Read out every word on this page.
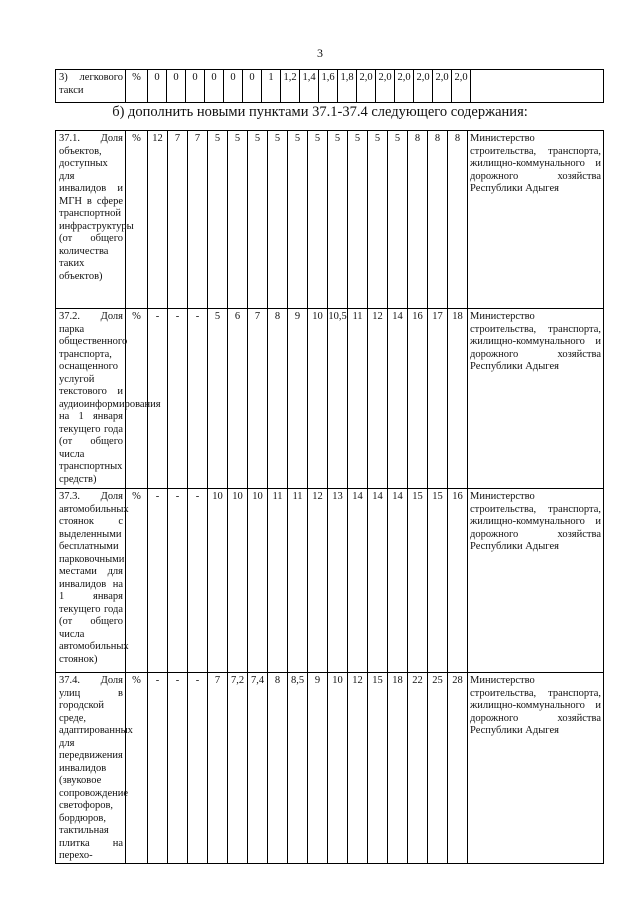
3
3) легкового такси	%	0	0	0	0	0	0	1	1,2	1,4	1,6	1,8	2,0	2,0	2,0	2,0	2,0	2,0	
б) дополнить новыми пунктами 37.1-37.4 следующего содержания:
37.1. Доля объектов, доступных для инвалидов и МГН в сфере транспортной инфраструктуры (от общего количества таких объектов)	%	12	7	7	5	5	5	5	5	5	5	5	5	5	8	8	8	Министерство строительства, транспорта, жилищно-коммунального и дорожного хозяйства Республики Адыгея
37.2. Доля парка общественного транспорта, оснащенного услугой текстового и аудиоинформирования на 1 января текущего года (от общего числа транспортных средств)	%	-	-	-	5	6	7	8	9	10	10,5	11	12	14	16	17	18	Министерство строительства, транспорта, жилищно-коммунального и дорожного хозяйства Республики Адыгея
37.3. Доля автомобильных стоянок с выделенными бесплатными парковочными местами для инвалидов на 1 января текущего года (от общего числа автомобильных стоянок)	%	-	-	-	10	10	10	11	11	12	13	14	14	14	15	15	16	Министерство строительства, транспорта, жилищно-коммунального и дорожного хозяйства Республики Адыгея
37.4. Доля улиц в городской среде, адаптированных для передвижения инвалидов (звуковое сопровождение светофоров, бордюров, тактильная плитка на перехо-	%	-	-	-	7	7,2	7,4	8	8,5	9	10	12	15	18	22	25	28	Министерство строительства, транспорта, жилищно-коммунального и дорожного хозяйства Республики Адыгея
